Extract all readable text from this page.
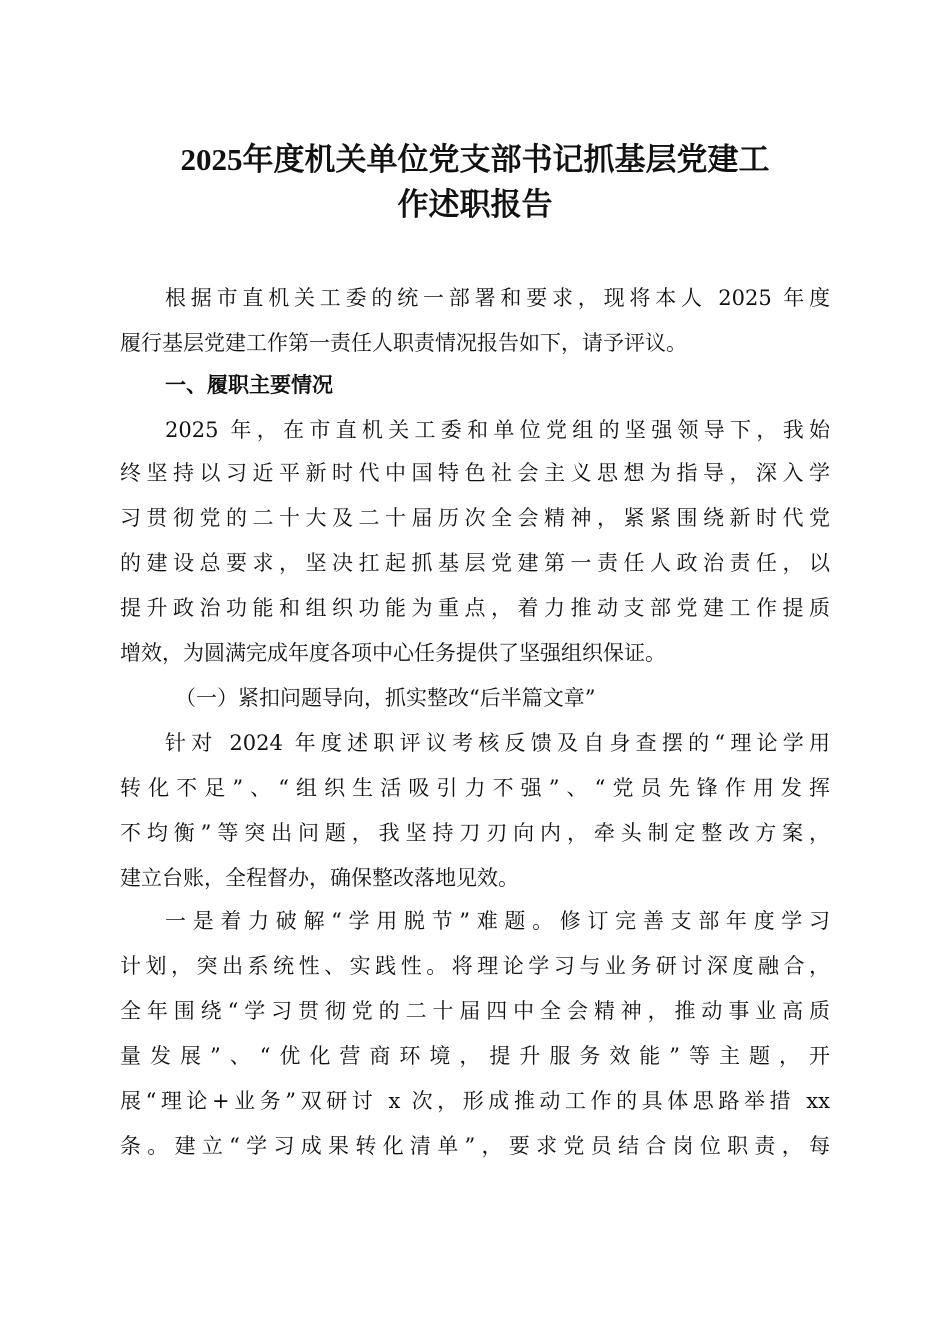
2025年度机关单位党支部书记抓基层党建工
作述职报告
根据市直机关工委的统一部署和要求，现将本人 2025 年度
履行基层党建工作第一责任人职责情况报告如下，请予评议。
一、履职主要情况
2025 年，在市直机关工委和单位党组的坚强领导下，我始
终坚持以习近平新时代中国特色社会主义思想为指导，深入学
习贯彻党的二十大及二十届历次全会精神，紧紧围绕新时代党
的建设总要求，坚决扛起抓基层党建第一责任人政治责任，以
提升政治功能和组织功能为重点，着力推动支部党建工作提质
增效，为圆满完成年度各项中心任务提供了坚强组织保证。
（一）紧扣问题导向，抓实整改“后半篇文章”
针对 2024 年度述职评议考核反馈及自身查摆的“理论学用
转化不足”、“组织生活吸引力不强”、“党员先锋作用发挥
不均衡”等突出问题，我坚持刀刃向内，牵头制定整改方案，
建立台账，全程督办，确保整改落地见效。
一是着力破解“学用脱节”难题。修订完善支部年度学习
计划，突出系统性、实践性。将理论学习与业务研讨深度融合，
全年围绕“学习贯彻党的二十届四中全会精神，推动事业高质
量发展”、“优化营商环境，提升服务效能”等主题，开
展“理论+业务”双研讨 x 次，形成推动工作的具体思路举措 xx
条。建立“学习成果转化清单”，要求党员结合岗位职责，每
